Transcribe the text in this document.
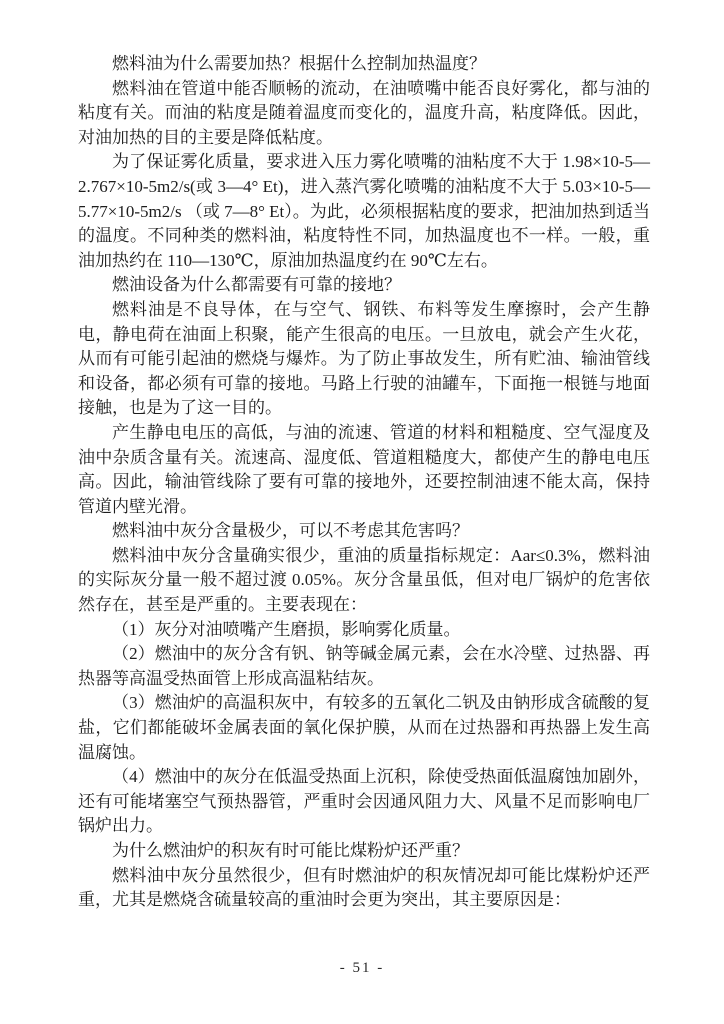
燃料油为什么需要加热？根据什么控制加热温度？

燃料油在管道中能否顺畅的流动，在油喷嘴中能否良好雾化，都与油的粘度有关。而油的粘度是随着温度而变化的，温度升高，粘度降低。因此，对油加热的目的主要是降低粘度。

为了保证雾化质量，要求进入压力雾化喷嘴的油粘度不大于 1.98×10-5—2.767×10-5m2/s(或 3—4° Et)，进入蒸汽雾化喷嘴的油粘度不大于 5.03×10-5—5.77×10-5m2/s （或 7—8° Et）。为此，必须根据粘度的要求，把油加热到适当的温度。不同种类的燃料油，粘度特性不同，加热温度也不一样。一般，重油加热约在 110—130℃，原油加热温度约在 90℃左右。

燃油设备为什么都需要有可靠的接地？

燃料油是不良导体，在与空气、钢铁、布料等发生摩擦时，会产生静电，静电荷在油面上积聚，能产生很高的电压。一旦放电，就会产生火花，从而有可能引起油的燃烧与爆炸。为了防止事故发生，所有贮油、输油管线和设备，都必须有可靠的接地。马路上行驶的油罐车，下面拖一根链与地面接触，也是为了这一目的。

产生静电电压的高低，与油的流速、管道的材料和粗糙度、空气湿度及油中杂质含量有关。流速高、湿度低、管道粗糙度大，都使产生的静电电压高。因此，输油管线除了要有可靠的接地外，还要控制油速不能太高，保持管道内壁光滑。

燃料油中灰分含量极少，可以不考虑其危害吗？

燃料油中灰分含量确实很少，重油的质量指标规定：Aar≤0.3%，燃料油的实际灰分量一般不超过渡 0.05%。灰分含量虽低，但对电厂锅炉的危害依然存在，甚至是严重的。主要表现在：

（1）灰分对油喷嘴产生磨损，影响雾化质量。

（2）燃油中的灰分含有钒、钠等碱金属元素，会在水冷壁、过热器、再热器等高温受热面管上形成高温粘结灰。

（3）燃油炉的高温积灰中，有较多的五氧化二钒及由钠形成含硫酸的复盐，它们都能破坏金属表面的氧化保护膜，从而在过热器和再热器上发生高温腐蚀。

（4）燃油中的灰分在低温受热面上沉积，除使受热面低温腐蚀加剧外，还有可能堵塞空气预热器管，严重时会因通风阻力大、风量不足而影响电厂锅炉出力。

为什么燃油炉的积灰有时可能比煤粉炉还严重？

燃料油中灰分虽然很少，但有时燃油炉的积灰情况却可能比煤粉炉还严重，尤其是燃烧含硫量较高的重油时会更为突出，其主要原因是：

- 51 -
